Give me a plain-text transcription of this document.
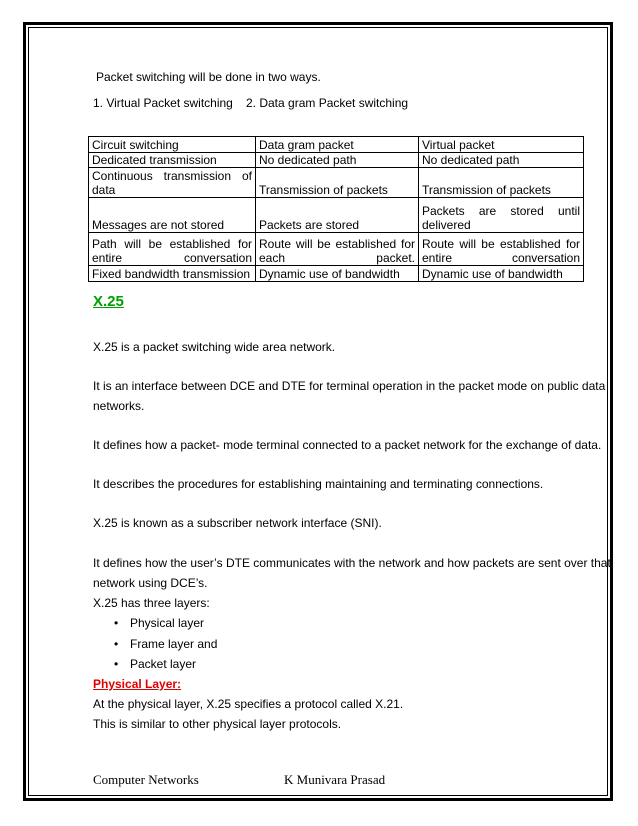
Packet switching will be done in two ways.
1. Virtual Packet switching 2. Data gram Packet switching
Circuit switching	Data gram packet	Virtual packet
Dedicated transmission	No dedicated path	No dedicated path
Continuous transmission of data	Transmission of packets	Transmission of packets
Messages are not stored	Packets are stored	Packets are stored until delivered
Path will be established for entire conversation	Route will be established for each packet.	Route will be established for entire conversation
Fixed bandwidth transmission	Dynamic use of bandwidth	Dynamic use of bandwidth
X.25
X.25 is a packet switching wide area network.
It is an interface between DCE and DTE for terminal operation in the packet mode on public data
networks.
It defines how a packet- mode terminal connected to a packet network for the exchange of data.
It describes the procedures for establishing maintaining and terminating connections.
X.25 is known as a subscriber network interface (SNI).
It defines how the user’s DTE communicates with the network and how packets are sent over that
network using DCE’s.
X.25 has three layers:
• Physical layer
• Frame layer and
• Packet layer
Physical Layer:
At the physical layer, X.25 specifies a protocol called X.21.
This is similar to other physical layer protocols.
Computer Networks	K Munivara Prasad
